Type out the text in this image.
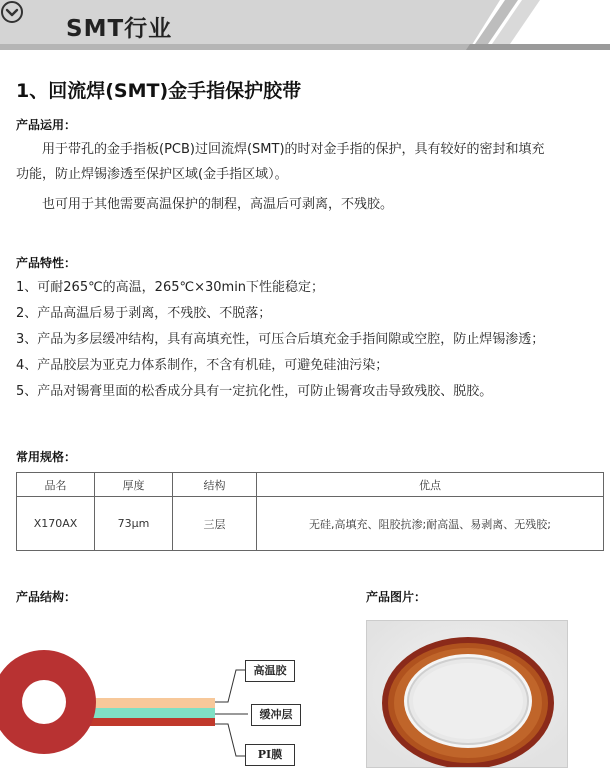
SMT行业
1、回流焊(SMT)金手指保护胶带
产品运用：
用于带孔的金手指板(PCB)过回流焊(SMT)的时对金手指的保护，具有较好的密封和填充
功能，防止焊锡渗透至保护区域(金手指区域）。
也可用于其他需要高温保护的制程，高温后可剥离，不残胶。
产品特性：
1、可耐265℃的高温，265℃×30min下性能稳定；
2、产品高温后易于剥离，不残胶、不脱落；
3、产品为多层缓冲结构，具有高填充性，可压合后填充金手指间隙或空腔，防止焊锡渗透；
4、产品胶层为亚克力体系制作，不含有机硅，可避免硅油污染；
5、产品对锡膏里面的松香成分具有一定抗化性，可防止锡膏攻击导致残胶、脱胶。
常用规格：
品名	厚度	结构	优点
X170AX	73μm	三层	无硅,高填充、阻胶抗渗;耐高温、易剥离、无残胶;
产品结构：
高温胶
缓冲层
PI膜
产品图片：
